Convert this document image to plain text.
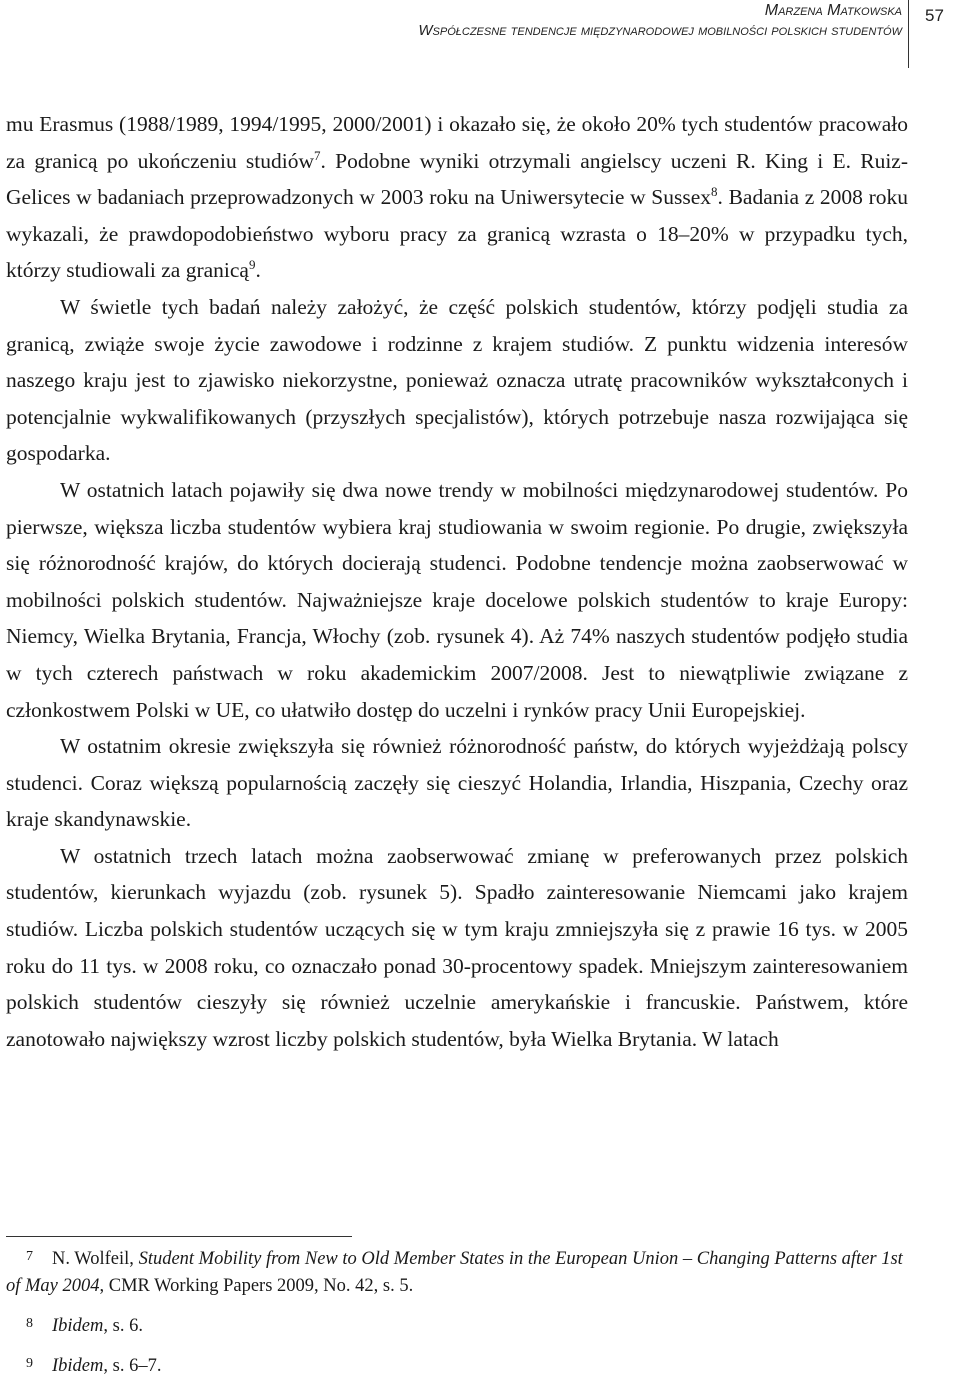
Marzena Matkowska
Współczesne tendencje międzynarodowej mobilności polskich studentów
57

mu Erasmus (1988/1989, 1994/1995, 2000/2001) i okazało się, że około 20% tych studentów pracowało za granicą po ukończeniu studiów$^7$. Podobne wyniki otrzymali angielscy uczeni R. King i E. Ruiz-Gelices w badaniach przeprowadzonych w 2003 roku na Uniwersytecie w Sussex$^8$. Badania z 2008 roku wykazali, że prawdopodobieństwo wyboru pracy za granicą wzrasta o 18–20% w przypadku tych, którzy studiowali za granicą$^9$.

W świetle tych badań należy założyć, że część polskich studentów, którzy podjęli studia za granicą, zwiąże swoje życie zawodowe i rodzinne z krajem studiów. Z punktu widzenia interesów naszego kraju jest to zjawisko niekorzystne, ponieważ oznacza utratę pracowników wykształconych i potencjalnie wykwalifikowanych (przyszłych specjalistów), których potrzebuje nasza rozwijająca się gospodarka.

W ostatnich latach pojawiły się dwa nowe trendy w mobilności międzynarodowej studentów. Po pierwsze, większa liczba studentów wybiera kraj studiowania w swoim regionie. Po drugie, zwiększyła się różnorodność krajów, do których docierają studenci. Podobne tendencje można zaobserwować w mobilności polskich studentów. Najważniejsze kraje docelowe polskich studentów to kraje Europy: Niemcy, Wielka Brytania, Francja, Włochy (zob. rysunek 4). Aż 74% naszych studentów podjęło studia w tych czterech państwach w roku akademickim 2007/2008. Jest to niewątpliwie związane z członkostwem Polski w UE, co ułatwiło dostęp do uczelni i rynków pracy Unii Europejskiej.

W ostatnim okresie zwiększyła się również różnorodność państw, do których wyjeżdżają polscy studenci. Coraz większą popularnością zaczęły się cieszyć Holandia, Irlandia, Hiszpania, Czechy oraz kraje skandynawskie.

W ostatnich trzech latach można zaobserwować zmianę w preferowanych przez polskich studentów, kierunkach wyjazdu (zob. rysunek 5). Spadło zainteresowanie Niemcami jako krajem studiów. Liczba polskich studentów uczących się w tym kraju zmniejszyła się z prawie 16 tys. w 2005 roku do 11 tys. w 2008 roku, co oznaczało ponad 30-procentowy spadek. Mniejszym zainteresowaniem polskich studentów cieszyły się również uczelnie amerykańskie i francuskie. Państwem, które zanotowało największy wzrost liczby polskich studentów, była Wielka Brytania. W latach

7 N. Wolfeil, Student Mobility from New to Old Member States in the European Union – Changing Patterns after 1st of May 2004, CMR Working Papers 2009, No. 42, s. 5.
8 Ibidem, s. 6.
9 Ibidem, s. 6–7.
